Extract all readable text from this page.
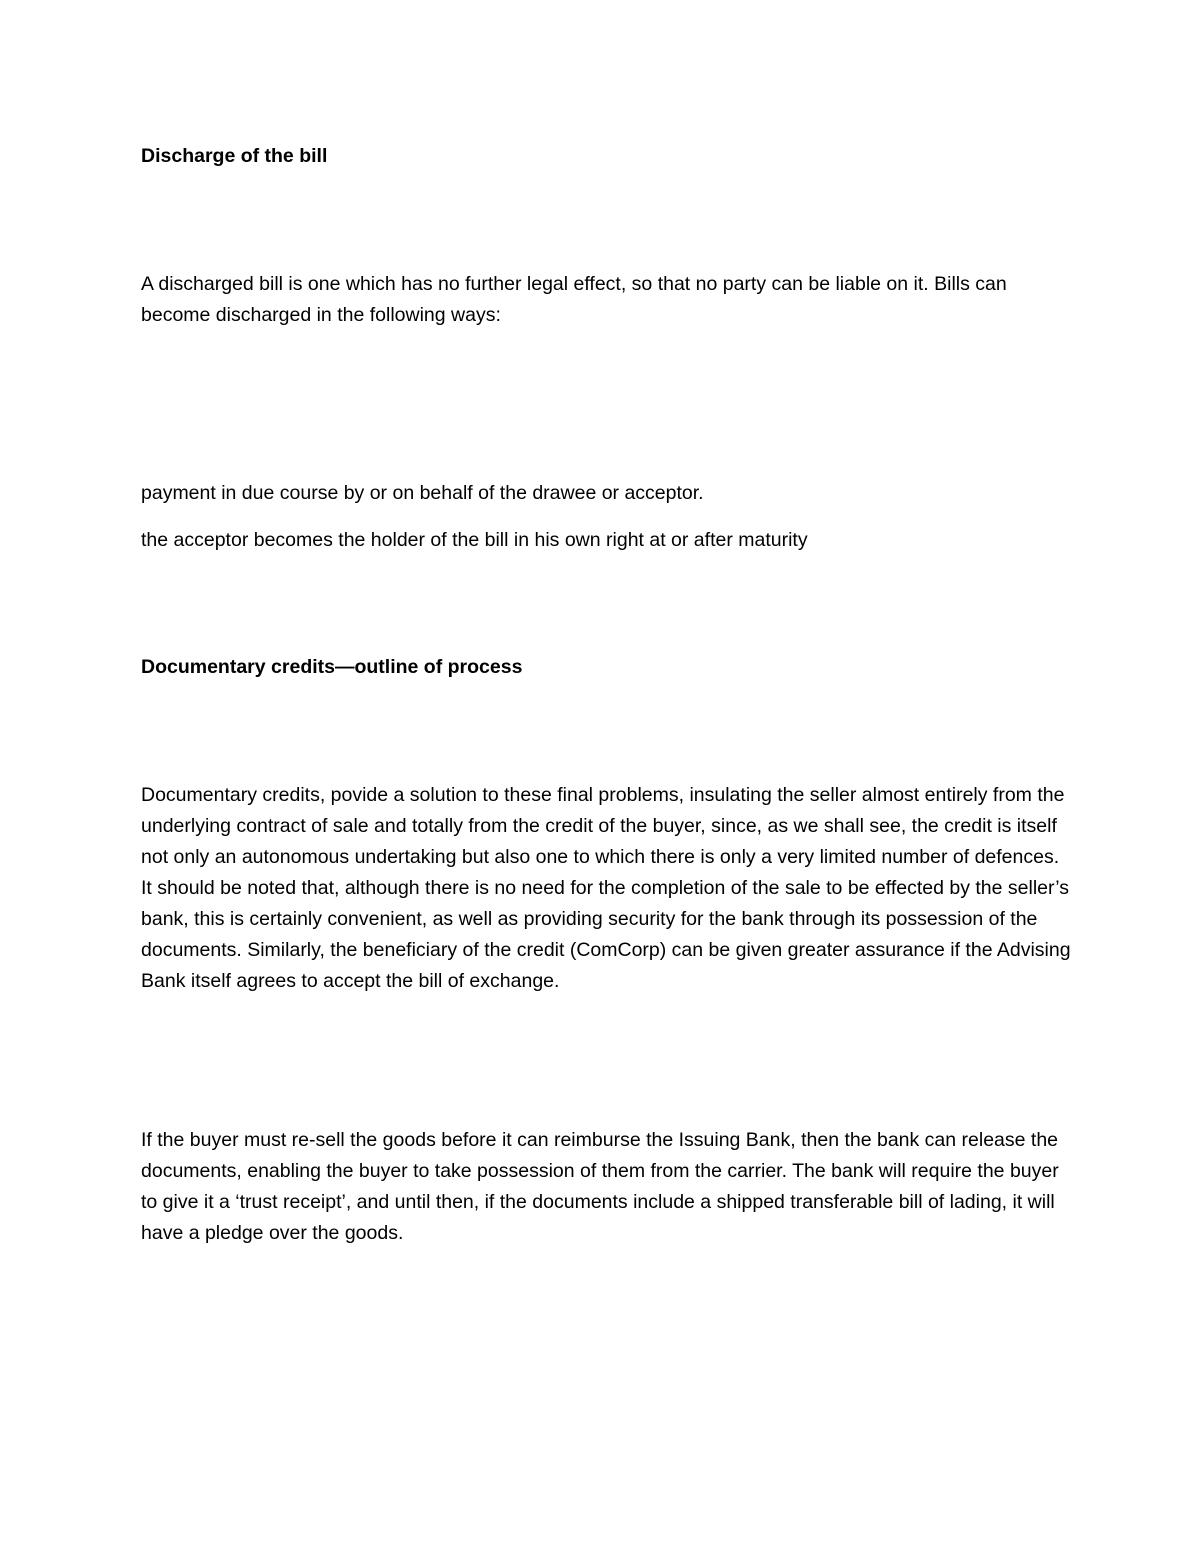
Discharge of the bill

A discharged bill is one which has no further legal effect, so that no party can be liable on it. Bills can become discharged in the following ways:

payment in due course by or on behalf of the drawee or acceptor.

the acceptor becomes the holder of the bill in his own right at or after maturity

Documentary credits—outline of process

Documentary credits, povide a solution to these final problems, insulating the seller almost entirely from the underlying contract of sale and totally from the credit of the buyer, since, as we shall see, the credit is itself not only an autonomous undertaking but also one to which there is only a very limited number of defences. It should be noted that, although there is no need for the completion of the sale to be effected by the seller’s bank, this is certainly convenient, as well as providing security for the bank through its possession of the documents. Similarly, the beneficiary of the credit (ComCorp) can be given greater assurance if the Advising Bank itself agrees to accept the bill of exchange.

If the buyer must re-sell the goods before it can reimburse the Issuing Bank, then the bank can release the documents, enabling the buyer to take possession of them from the carrier. The bank will require the buyer to give it a ‘trust receipt’, and until then, if the documents include a shipped transferable bill of lading, it will have a pledge over the goods.
